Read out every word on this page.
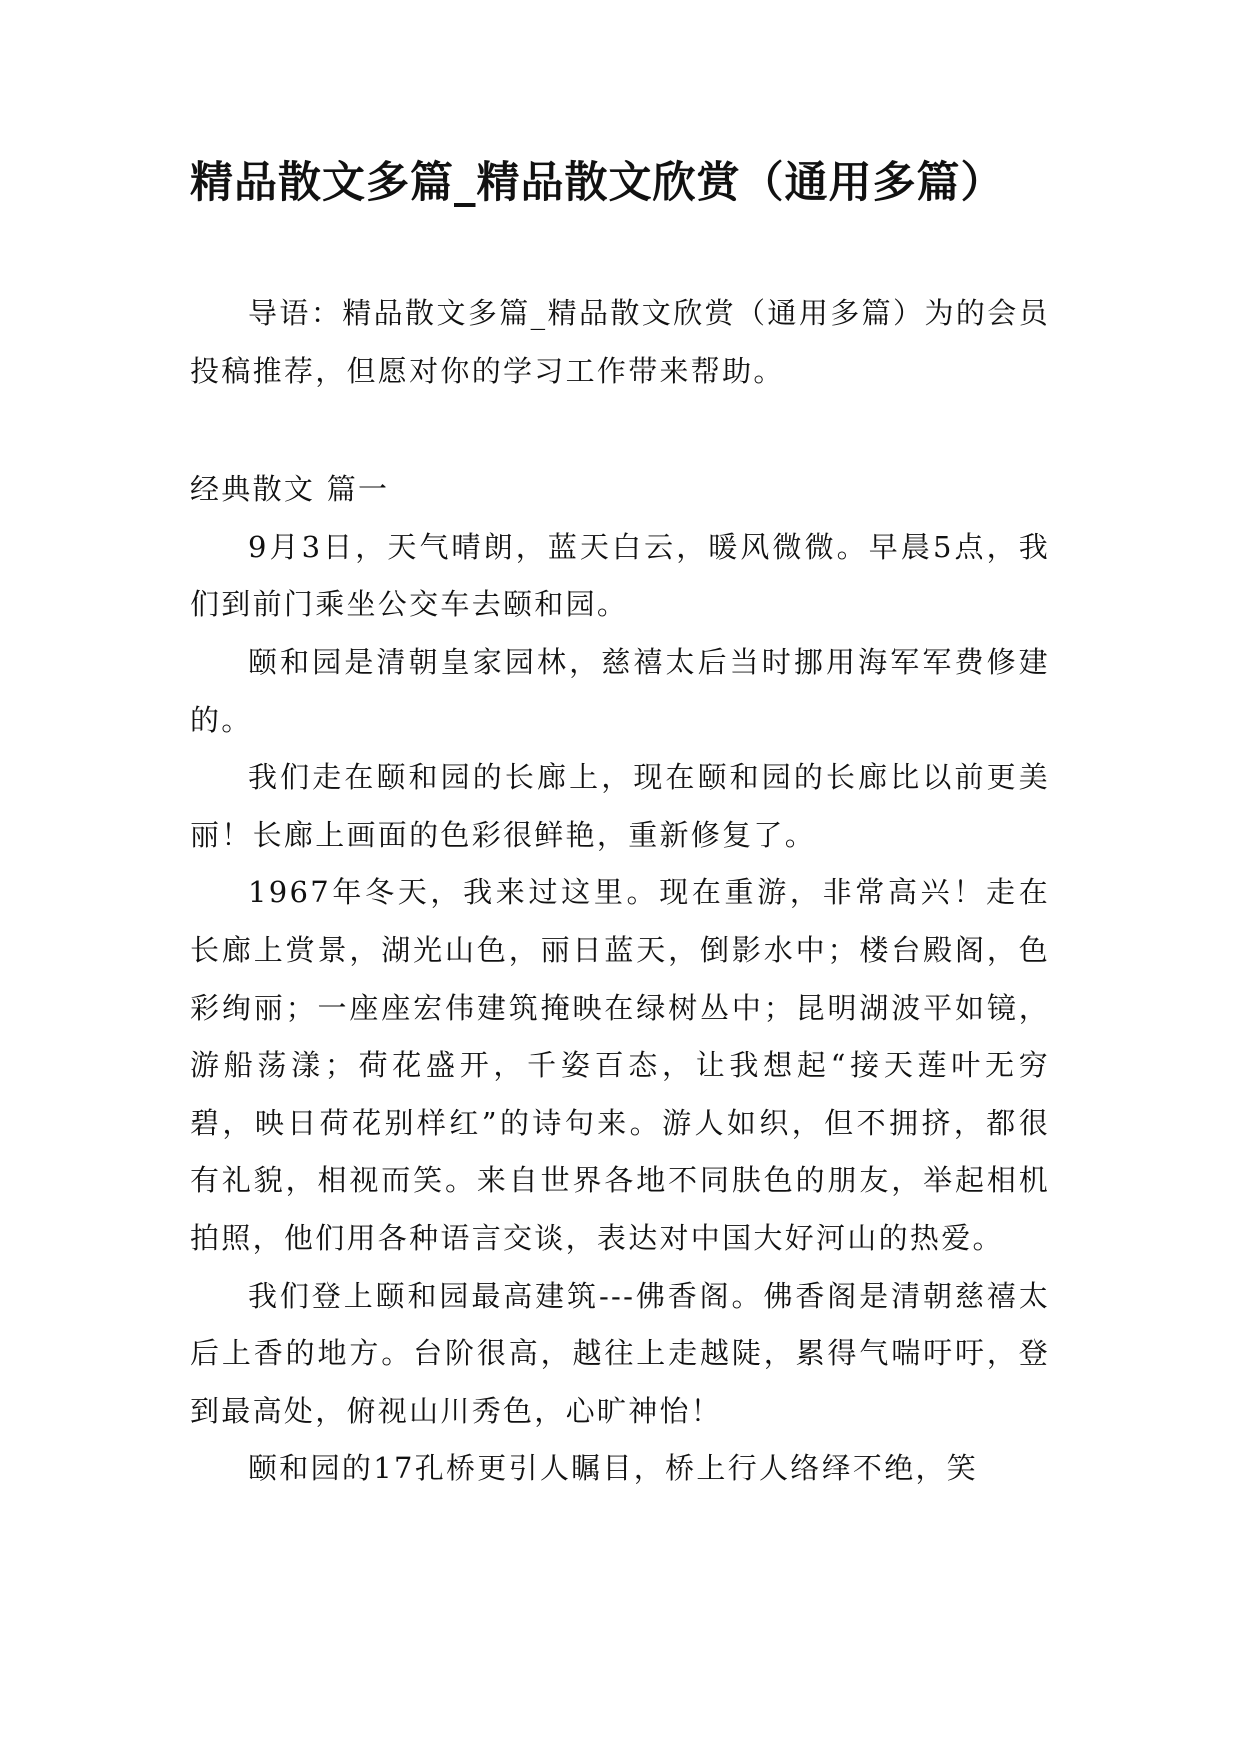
精品散文多篇_精品散文欣赏（通用多篇）

导语：精品散文多篇_精品散文欣赏（通用多篇）为的会员投稿推荐，但愿对你的学习工作带来帮助。

经典散文 篇一

9月3日，天气晴朗，蓝天白云，暖风微微。早晨5点，我们到前门乘坐公交车去颐和园。

颐和园是清朝皇家园林，慈禧太后当时挪用海军军费修建的。

我们走在颐和园的长廊上，现在颐和园的长廊比以前更美丽！长廊上画面的色彩很鲜艳，重新修复了。

1967年冬天，我来过这里。现在重游，非常高兴！走在长廊上赏景，湖光山色，丽日蓝天，倒影水中；楼台殿阁，色彩绚丽；一座座宏伟建筑掩映在绿树丛中；昆明湖波平如镜，游船荡漾；荷花盛开，千姿百态，让我想起“接天莲叶无穷碧，映日荷花别样红”的诗句来。游人如织，但不拥挤，都很有礼貌，相视而笑。来自世界各地不同肤色的朋友，举起相机拍照，他们用各种语言交谈，表达对中国大好河山的热爱。

我们登上颐和园最高建筑---佛香阁。佛香阁是清朝慈禧太后上香的地方。台阶很高，越往上走越陡，累得气喘吁吁，登到最高处，俯视山川秀色，心旷神怡！

颐和园的17孔桥更引人瞩目，桥上行人络绎不绝，笑
